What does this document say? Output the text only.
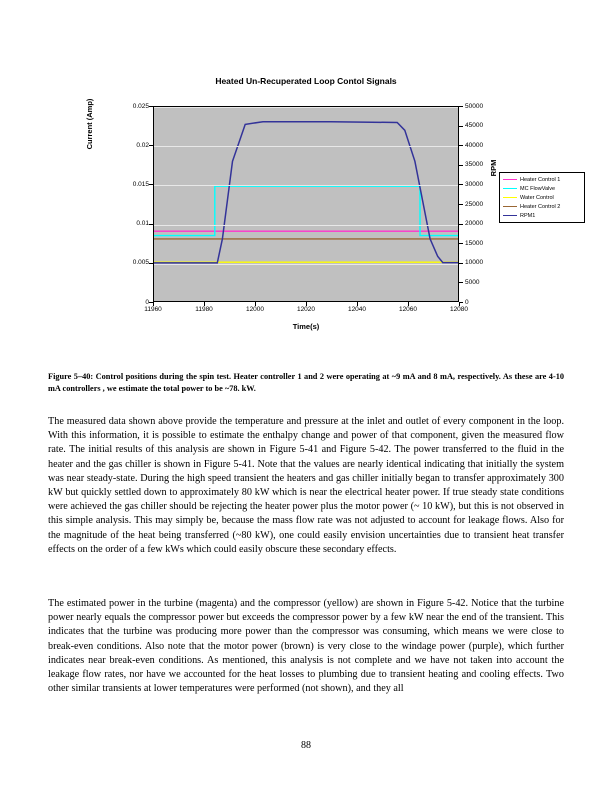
Heated Un-Recuperated Loop Contol Signals
Current (Amp)
RPM
0.025
0.02
0.015
0.01
0.005
0
50000
45000
40000
35000
30000
25000
20000
15000
10000
5000
0
11960	11980	12000	12020	12040	12060	12080
Time(s)
Heater Control 1
MC FlowValve
Water Control
Heater Control 2
RPM1
Figure 5–40: Control positions during the spin test. Heater controller 1 and 2 were operating at ~9 mA and 8 mA, respectively. As these are 4-10 mA controllers , we estimate the total power to be ~78. kW.
The measured data shown above provide the temperature and pressure at the inlet and outlet of every component in the loop. With this information, it is possible to estimate the enthalpy change and power of that component, given the measured flow rate. The initial results of this analysis are shown in Figure 5-41 and Figure 5-42. The power transferred to the fluid in the heater and the gas chiller is shown in Figure 5-41. Note that the values are nearly identical indicating that initially the system was near steady-state. During the high speed transient the heaters and gas chiller initially began to transfer approximately 300 kW but quickly settled down to approximately 80 kW which is near the electrical heater power. If true steady state conditions were achieved the gas chiller should be rejecting the heater power plus the motor power (~ 10 kW), but this is not observed in this simple analysis. This may simply be, because the mass flow rate was not adjusted to account for leakage flows. Also for the magnitude of the heat being transferred (~80 kW), one could easily envision uncertainties due to transient heat transfer effects on the order of a few kWs which could easily obscure these secondary effects.
The estimated power in the turbine (magenta) and the compressor (yellow) are shown in Figure 5-42. Notice that the turbine power nearly equals the compressor power but exceeds the compressor power by a few kW near the end of the transient. This indicates that the turbine was producing more power than the compressor was consuming, which means we were close to break-even conditions. Also note that the motor power (brown) is very close to the windage power (purple), which further indicates near break-even conditions. As mentioned, this analysis is not complete and we have not taken into account the leakage flow rates, nor have we accounted for the heat losses to plumbing due to transient heating and cooling effects. Two other similar transients at lower temperatures were performed (not shown), and they all
88
